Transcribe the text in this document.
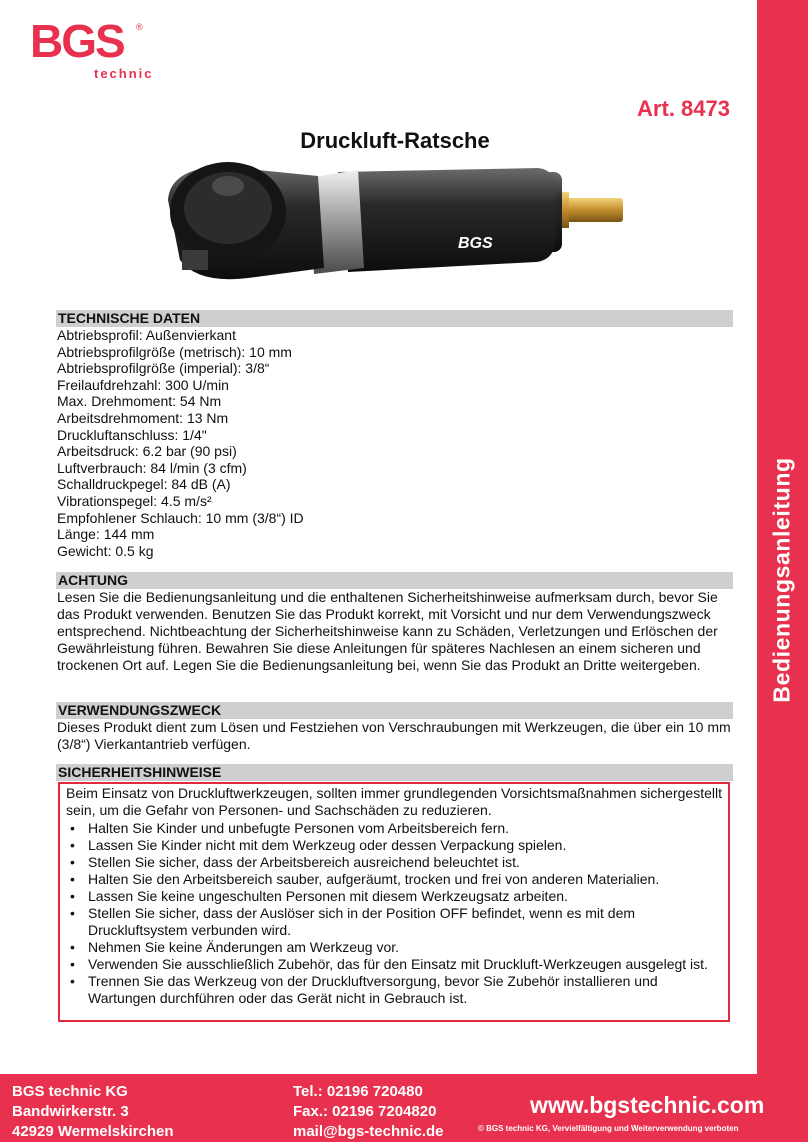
Bedienungsanleitung
BGS ®
technic
Art. 8473
Druckluft-Ratsche
BGS
TECHNISCHE DATEN
Abtriebsprofil: Außenvierkant
Abtriebsprofilgröße (metrisch): 10 mm
Abtriebsprofilgröße (imperial): 3/8“
Freilaufdrehzahl: 300 U/min
Max. Drehmoment: 54 Nm
Arbeitsdrehmoment: 13 Nm
Druckluftanschluss: 1/4"
Arbeitsdruck: 6.2 bar (90 psi)
Luftverbrauch: 84 l/min (3 cfm)
Schalldruckpegel: 84 dB (A)
Vibrationspegel: 4.5 m/s²
Empfohlener Schlauch: 10 mm (3/8“) ID
Länge: 144 mm
Gewicht: 0.5 kg
ACHTUNG
Lesen Sie die Bedienungsanleitung und die enthaltenen Sicherheitshinweise aufmerksam durch, bevor Sie das Produkt verwenden. Benutzen Sie das Produkt korrekt, mit Vorsicht und nur dem Verwendungszweck entsprechend. Nichtbeachtung der Sicherheitshinweise kann zu Schäden, Verletzungen und Erlöschen der Gewährleistung führen. Bewahren Sie diese Anleitungen für späteres Nachlesen an einem sicheren und trockenen Ort auf. Legen Sie die Bedienungsanleitung bei, wenn Sie das Produkt an Dritte weitergeben.
VERWENDUNGSZWECK
Dieses Produkt dient zum Lösen und Festziehen von Verschraubungen mit Werkzeugen, die über ein 10 mm (3/8“) Vierkantantrieb verfügen.
SICHERHEITSHINWEISE
Beim Einsatz von Druckluftwerkzeugen, sollten immer grundlegenden Vorsichtsmaßnahmen sichergestellt sein, um die Gefahr von Personen- und Sachschäden zu reduzieren.
• Halten Sie Kinder und unbefugte Personen vom Arbeitsbereich fern.
• Lassen Sie Kinder nicht mit dem Werkzeug oder dessen Verpackung spielen.
• Stellen Sie sicher, dass der Arbeitsbereich ausreichend beleuchtet ist.
• Halten Sie den Arbeitsbereich sauber, aufgeräumt, trocken und frei von anderen Materialien.
• Lassen Sie keine ungeschulten Personen mit diesem Werkzeugsatz arbeiten.
• Stellen Sie sicher, dass der Auslöser sich in der Position OFF befindet, wenn es mit dem Druckluftsystem verbunden wird.
• Nehmen Sie keine Änderungen am Werkzeug vor.
• Verwenden Sie ausschließlich Zubehör, das für den Einsatz mit Druckluft-Werkzeugen ausgelegt ist.
• Trennen Sie das Werkzeug von der Druckluftversorgung, bevor Sie Zubehör installieren und Wartungen durchführen oder das Gerät nicht in Gebrauch ist.
BGS technic KG
Bandwirkerstr. 3
42929 Wermelskirchen
Tel.: 02196 720480
Fax.: 02196 7204820
mail@bgs-technic.de
www.bgstechnic.com
© BGS technic KG, Vervielfältigung und Weiterverwendung verboten
